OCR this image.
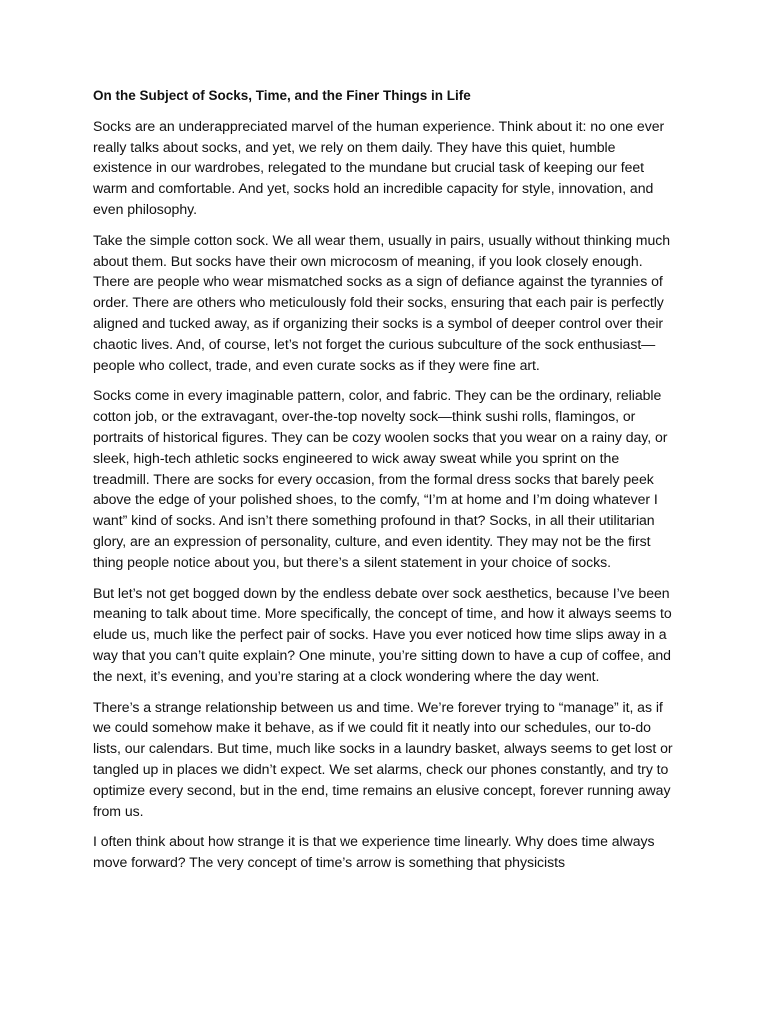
On the Subject of Socks, Time, and the Finer Things in Life

Socks are an underappreciated marvel of the human experience. Think about it: no one ever really talks about socks, and yet, we rely on them daily. They have this quiet, humble existence in our wardrobes, relegated to the mundane but crucial task of keeping our feet warm and comfortable. And yet, socks hold an incredible capacity for style, innovation, and even philosophy.

Take the simple cotton sock. We all wear them, usually in pairs, usually without thinking much about them. But socks have their own microcosm of meaning, if you look closely enough. There are people who wear mismatched socks as a sign of defiance against the tyrannies of order. There are others who meticulously fold their socks, ensuring that each pair is perfectly aligned and tucked away, as if organizing their socks is a symbol of deeper control over their chaotic lives. And, of course, let’s not forget the curious subculture of the sock enthusiast—people who collect, trade, and even curate socks as if they were fine art.

Socks come in every imaginable pattern, color, and fabric. They can be the ordinary, reliable cotton job, or the extravagant, over-the-top novelty sock—think sushi rolls, flamingos, or portraits of historical figures. They can be cozy woolen socks that you wear on a rainy day, or sleek, high-tech athletic socks engineered to wick away sweat while you sprint on the treadmill. There are socks for every occasion, from the formal dress socks that barely peek above the edge of your polished shoes, to the comfy, “I’m at home and I’m doing whatever I want” kind of socks. And isn’t there something profound in that? Socks, in all their utilitarian glory, are an expression of personality, culture, and even identity. They may not be the first thing people notice about you, but there’s a silent statement in your choice of socks.

But let’s not get bogged down by the endless debate over sock aesthetics, because I’ve been meaning to talk about time. More specifically, the concept of time, and how it always seems to elude us, much like the perfect pair of socks. Have you ever noticed how time slips away in a way that you can’t quite explain? One minute, you’re sitting down to have a cup of coffee, and the next, it’s evening, and you’re staring at a clock wondering where the day went.

There’s a strange relationship between us and time. We’re forever trying to “manage” it, as if we could somehow make it behave, as if we could fit it neatly into our schedules, our to-do lists, our calendars. But time, much like socks in a laundry basket, always seems to get lost or tangled up in places we didn’t expect. We set alarms, check our phones constantly, and try to optimize every second, but in the end, time remains an elusive concept, forever running away from us.

I often think about how strange it is that we experience time linearly. Why does time always move forward? The very concept of time’s arrow is something that physicists
